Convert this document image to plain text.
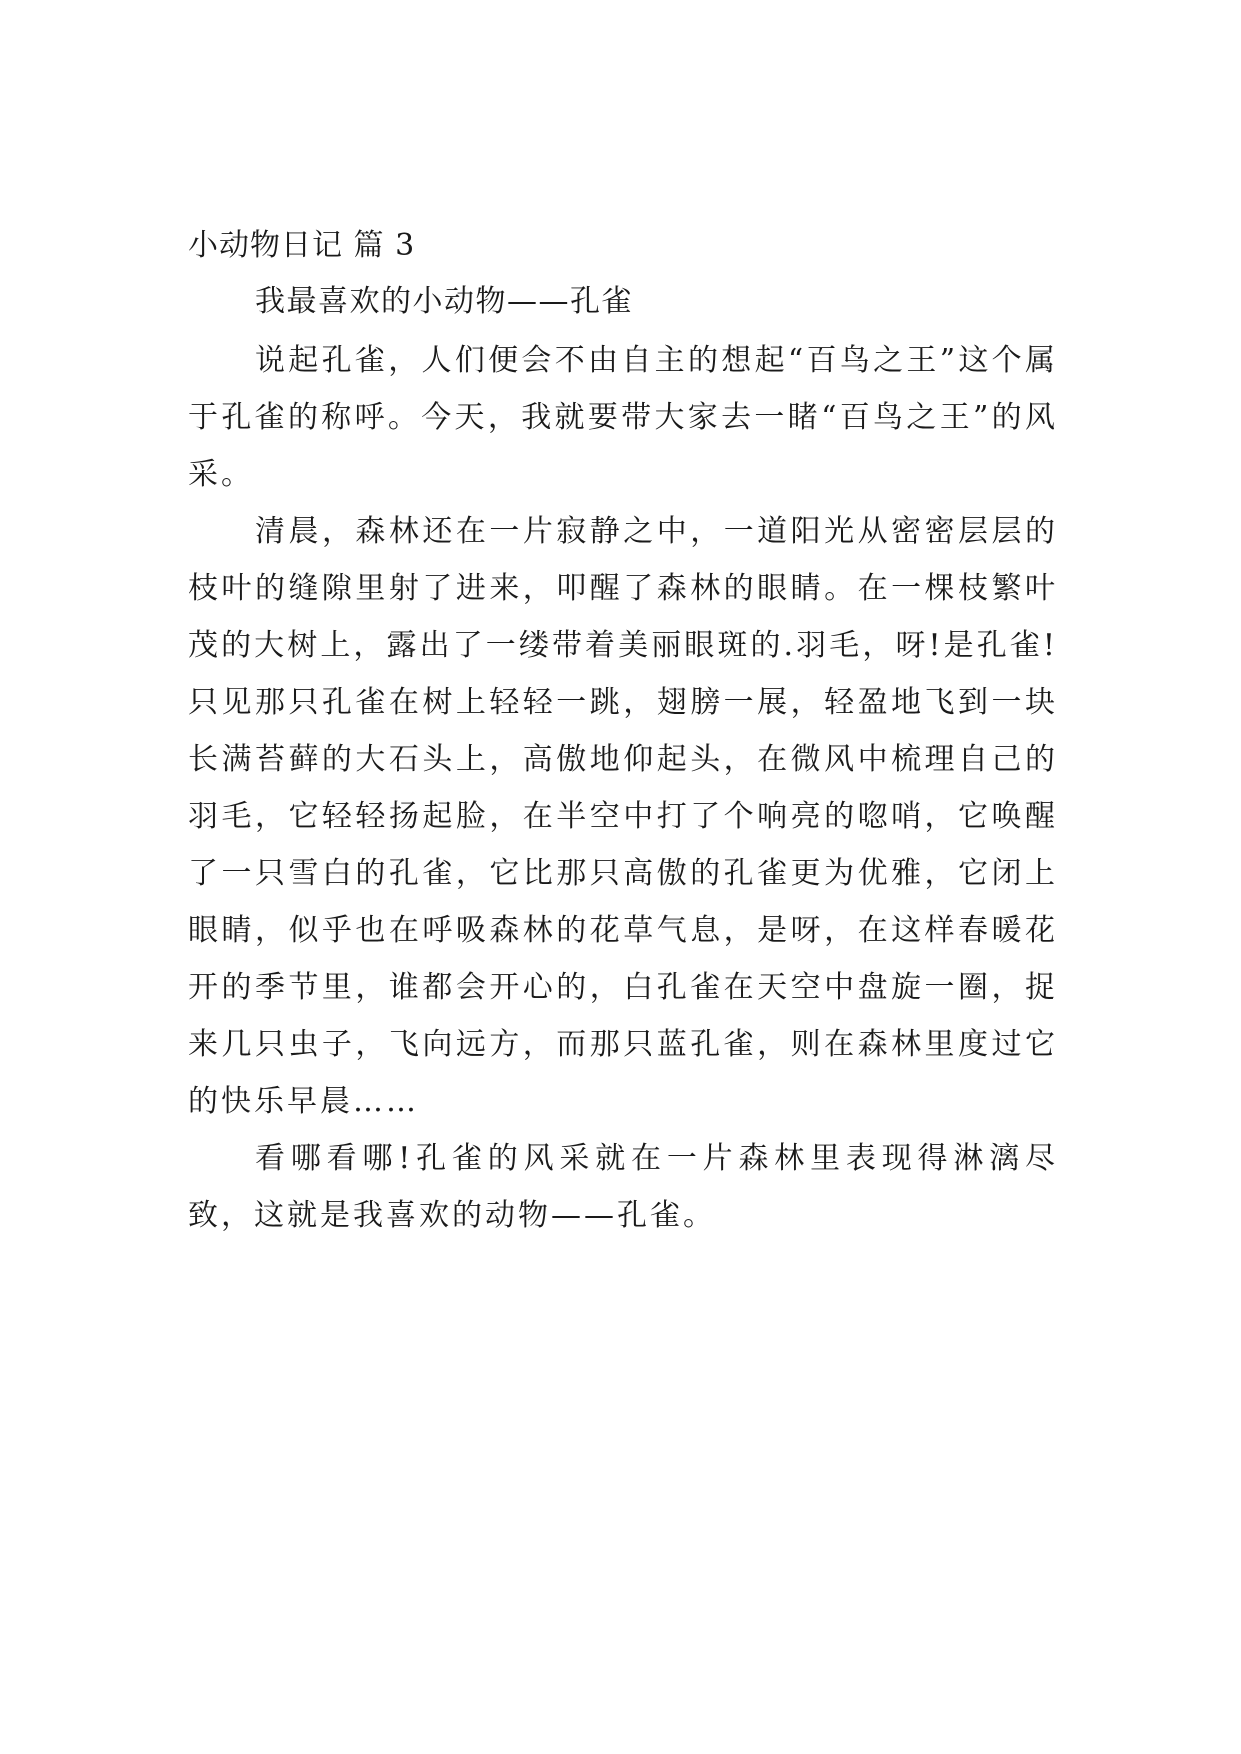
小动物日记 篇 3

我最喜欢的小动物——孔雀

说起孔雀，人们便会不由自主的想起“百鸟之王”这个属于孔雀的称呼。今天，我就要带大家去一睹“百鸟之王”的风采。

清晨，森林还在一片寂静之中，一道阳光从密密层层的枝叶的缝隙里射了进来，叩醒了森林的眼睛。在一棵枝繁叶茂的大树上，露出了一缕带着美丽眼斑的.羽毛，呀!是孔雀!只见那只孔雀在树上轻轻一跳，翅膀一展，轻盈地飞到一块长满苔藓的大石头上，高傲地仰起头，在微风中梳理自己的羽毛，它轻轻扬起脸，在半空中打了个响亮的唿哨，它唤醒了一只雪白的孔雀，它比那只高傲的孔雀更为优雅，它闭上眼睛，似乎也在呼吸森林的花草气息，是呀，在这样春暖花开的季节里，谁都会开心的，白孔雀在天空中盘旋一圈，捉来几只虫子，飞向远方，而那只蓝孔雀，则在森林里度过它的快乐早晨……

看哪看哪!孔雀的风采就在一片森林里表现得淋漓尽致，这就是我喜欢的动物——孔雀。
